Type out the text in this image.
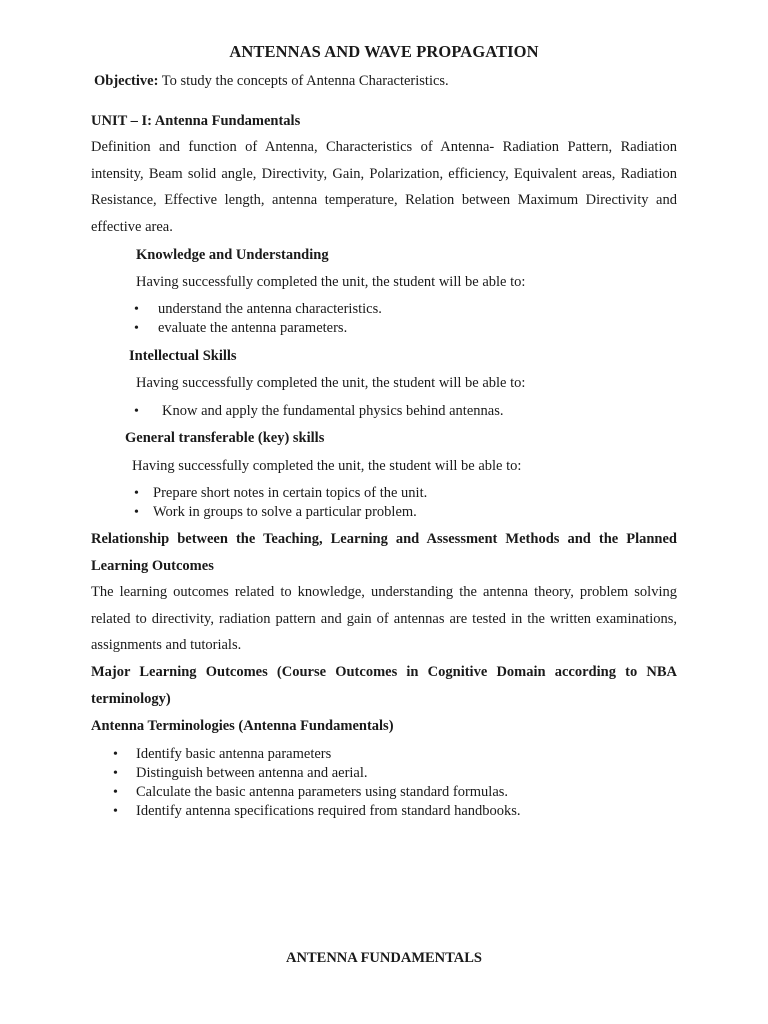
ANTENNAS AND WAVE PROPAGATION
Objective: To study the concepts of Antenna Characteristics.
UNIT – I: Antenna Fundamentals
Definition and function of Antenna, Characteristics of Antenna- Radiation Pattern, Radiation intensity, Beam solid angle, Directivity, Gain, Polarization, efficiency, Equivalent areas, Radiation Resistance, Effective length, antenna temperature, Relation between Maximum Directivity and effective area.
Knowledge and Understanding
Having successfully completed the unit, the student will be able to:
• understand the antenna characteristics.
• evaluate the antenna parameters.
Intellectual Skills
Having successfully completed the unit, the student will be able to:
• Know and apply the fundamental physics behind antennas.
General transferable (key) skills
Having successfully completed the unit, the student will be able to:
• Prepare short notes in certain topics of the unit.
• Work in groups to solve a particular problem.
Relationship between the Teaching, Learning and Assessment Methods and the Planned Learning Outcomes
The learning outcomes related to knowledge, understanding the antenna theory, problem solving related to directivity, radiation pattern and gain of antennas are tested in the written examinations, assignments and tutorials.
Major Learning Outcomes (Course Outcomes in Cognitive Domain according to NBA terminology)
Antenna Terminologies (Antenna Fundamentals)
• Identify basic antenna parameters
• Distinguish between antenna and aerial.
• Calculate the basic antenna parameters using standard formulas.
• Identify antenna specifications required from standard handbooks.
ANTENNA FUNDAMENTALS
